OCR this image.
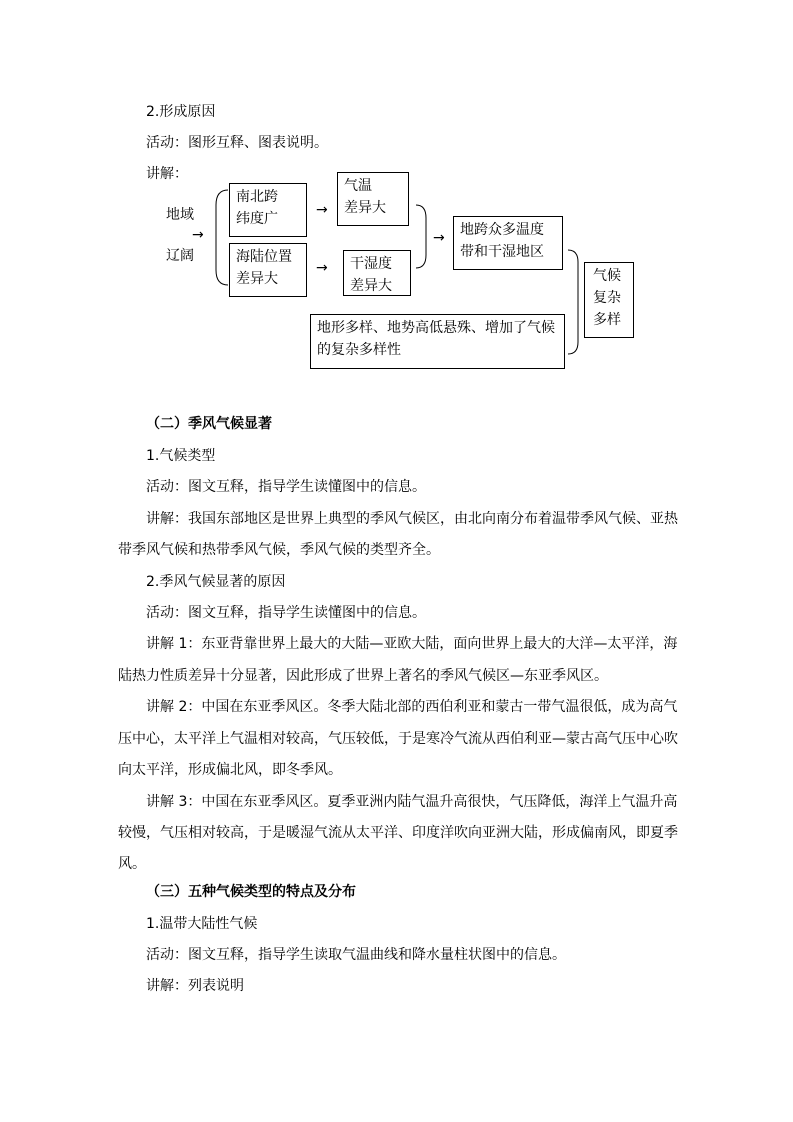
2.形成原因
活动：图形互释、图表说明。
讲解：
地域
→
辽阔
南北跨
纬度广
海陆位置
差异大
→
→
气温
差异大
干湿度
差异大
→ 地跨众多温度
带和干湿地区
地形多样、地势高低悬殊、增加了气候
的复杂多样性
气候
复杂
多样
（二）季风气候显著
1.气候类型
活动：图文互释，指导学生读懂图中的信息。
讲解：我国东部地区是世界上典型的季风气候区，由北向南分布着温带季风气候、亚热
带季风气候和热带季风气候，季风气候的类型齐全。
2.季风气候显著的原因
活动：图文互释，指导学生读懂图中的信息。
讲解 1：东亚背靠世界上最大的大陆—亚欧大陆，面向世界上最大的大洋—太平洋，海
陆热力性质差异十分显著，因此形成了世界上著名的季风气候区—东亚季风区。
讲解 2：中国在东亚季风区。冬季大陆北部的西伯利亚和蒙古一带气温很低，成为高气
压中心，太平洋上气温相对较高，气压较低，于是寒冷气流从西伯利亚—蒙古高气压中心吹
向太平洋，形成偏北风，即冬季风。
讲解 3：中国在东亚季风区。夏季亚洲内陆气温升高很快，气压降低，海洋上气温升高
较慢，气压相对较高，于是暖湿气流从太平洋、印度洋吹向亚洲大陆，形成偏南风，即夏季
风。
（三）五种气候类型的特点及分布
1.温带大陆性气候
活动：图文互释，指导学生读取气温曲线和降水量柱状图中的信息。
讲解：列表说明
